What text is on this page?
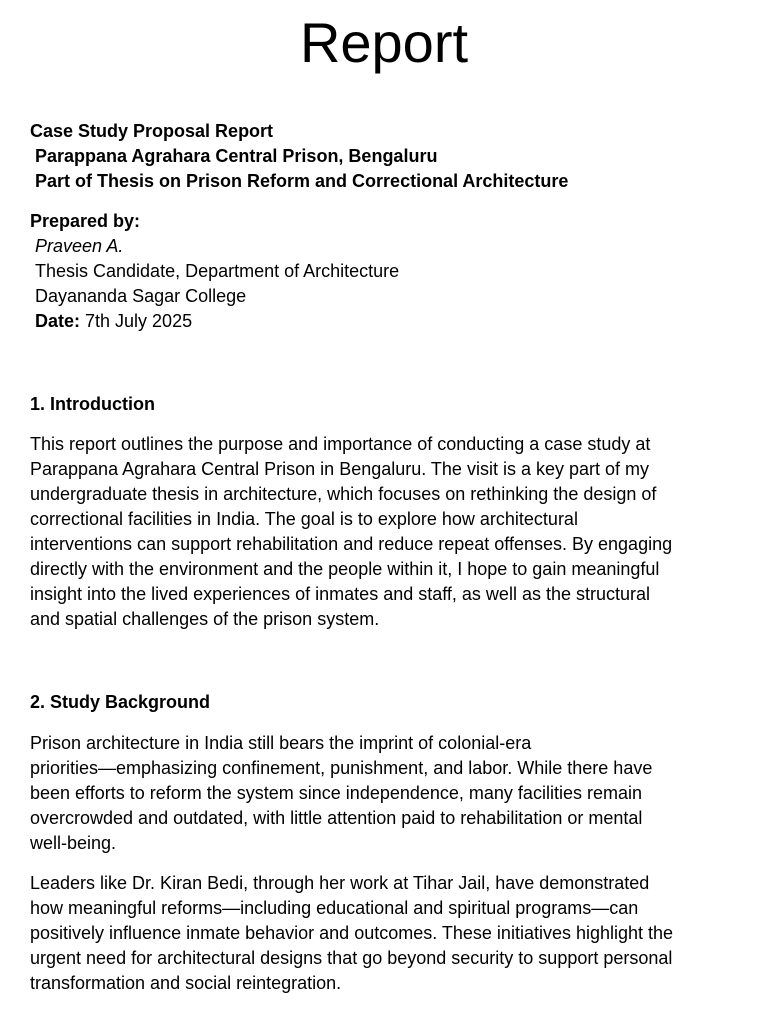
Report
Case Study Proposal Report
Parappana Agrahara Central Prison, Bengaluru
Part of Thesis on Prison Reform and Correctional Architecture
Prepared by:
Praveen A.
Thesis Candidate, Department of Architecture
Dayananda Sagar College
Date: 7th July 2025
1. Introduction

This report outlines the purpose and importance of conducting a case study at
Parappana Agrahara Central Prison in Bengaluru. The visit is a key part of my
undergraduate thesis in architecture, which focuses on rethinking the design of
correctional facilities in India. The goal is to explore how architectural
interventions can support rehabilitation and reduce repeat offenses. By engaging
directly with the environment and the people within it, I hope to gain meaningful
insight into the lived experiences of inmates and staff, as well as the structural
and spatial challenges of the prison system.

2. Study Background

Prison architecture in India still bears the imprint of colonial-era
priorities—emphasizing confinement, punishment, and labor. While there have
been efforts to reform the system since independence, many facilities remain
overcrowded and outdated, with little attention paid to rehabilitation or mental
well-being.

Leaders like Dr. Kiran Bedi, through her work at Tihar Jail, have demonstrated
how meaningful reforms—including educational and spiritual programs—can
positively influence inmate behavior and outcomes. These initiatives highlight the
urgent need for architectural designs that go beyond security to support personal
transformation and social reintegration.
